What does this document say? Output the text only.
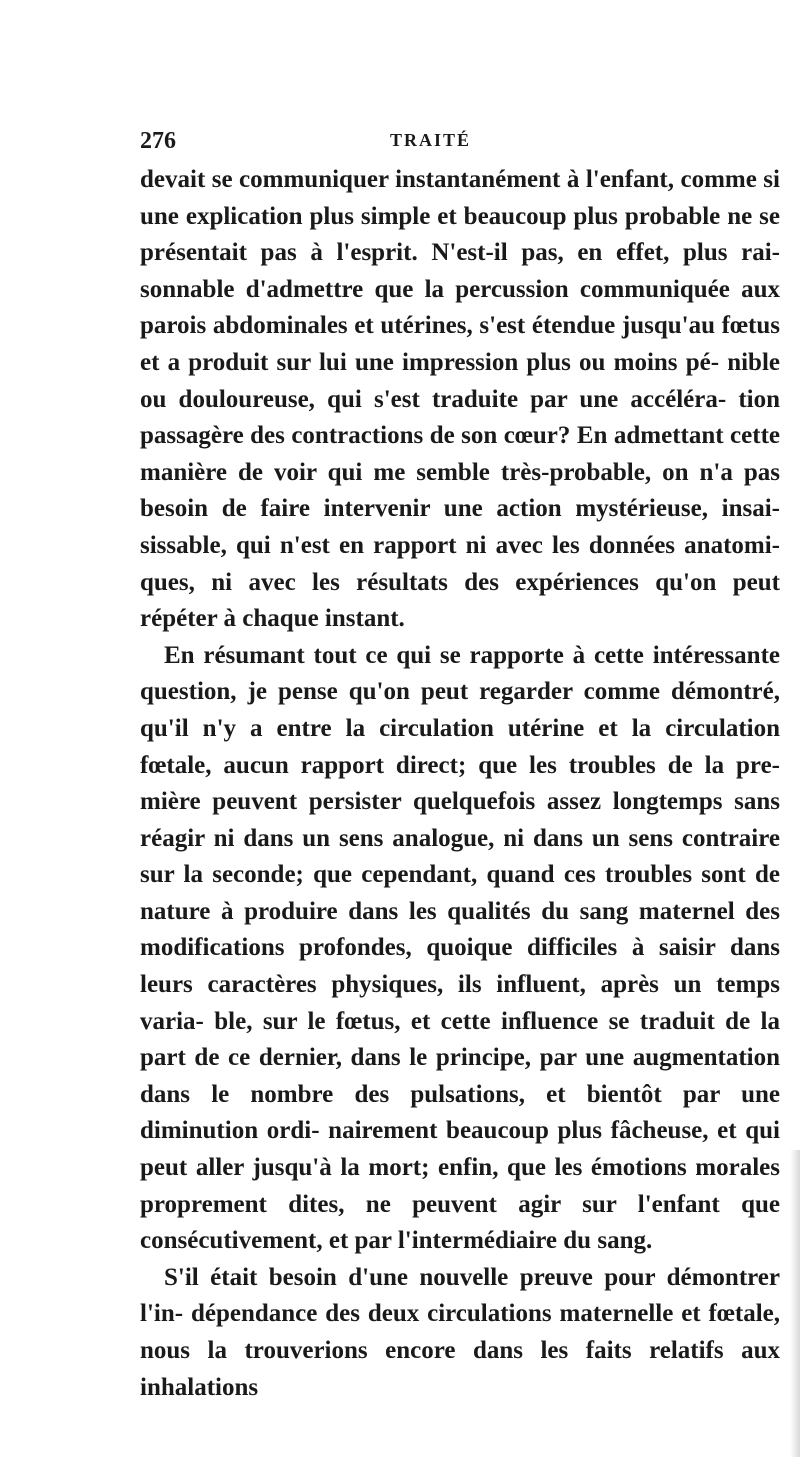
276	TRAITÉ

devait se communiquer instantanément à l'enfant, comme si une explication plus simple et beaucoup plus probable ne se présentait pas à l'esprit. N'est-il pas, en effet, plus rai- sonnable d'admettre que la percussion communiquée aux parois abdominales et utérines, s'est étendue jusqu'au fœtus et a produit sur lui une impression plus ou moins pé- nible ou douloureuse, qui s'est traduite par une accéléra- tion passagère des contractions de son cœur? En admettant cette manière de voir qui me semble très-probable, on n'a pas besoin de faire intervenir une action mystérieuse, insai- sissable, qui n'est en rapport ni avec les données anatomi- ques, ni avec les résultats des expériences qu'on peut répéter à chaque instant.

En résumant tout ce qui se rapporte à cette intéressante question, je pense qu'on peut regarder comme démontré, qu'il n'y a entre la circulation utérine et la circulation fœtale, aucun rapport direct; que les troubles de la pre- mière peuvent persister quelquefois assez longtemps sans réagir ni dans un sens analogue, ni dans un sens contraire sur la seconde; que cependant, quand ces troubles sont de nature à produire dans les qualités du sang maternel des modifications profondes, quoique difficiles à saisir dans leurs caractères physiques, ils influent, après un temps varia- ble, sur le fœtus, et cette influence se traduit de la part de ce dernier, dans le principe, par une augmentation dans le nombre des pulsations, et bientôt par une diminution ordi- nairement beaucoup plus fâcheuse, et qui peut aller jusqu'à la mort; enfin, que les émotions morales proprement dites, ne peuvent agir sur l'enfant que consécutivement, et par l'intermédiaire du sang.

S'il était besoin d'une nouvelle preuve pour démontrer l'in- dépendance des deux circulations maternelle et fœtale, nous la trouverions encore dans les faits relatifs aux inhalations
